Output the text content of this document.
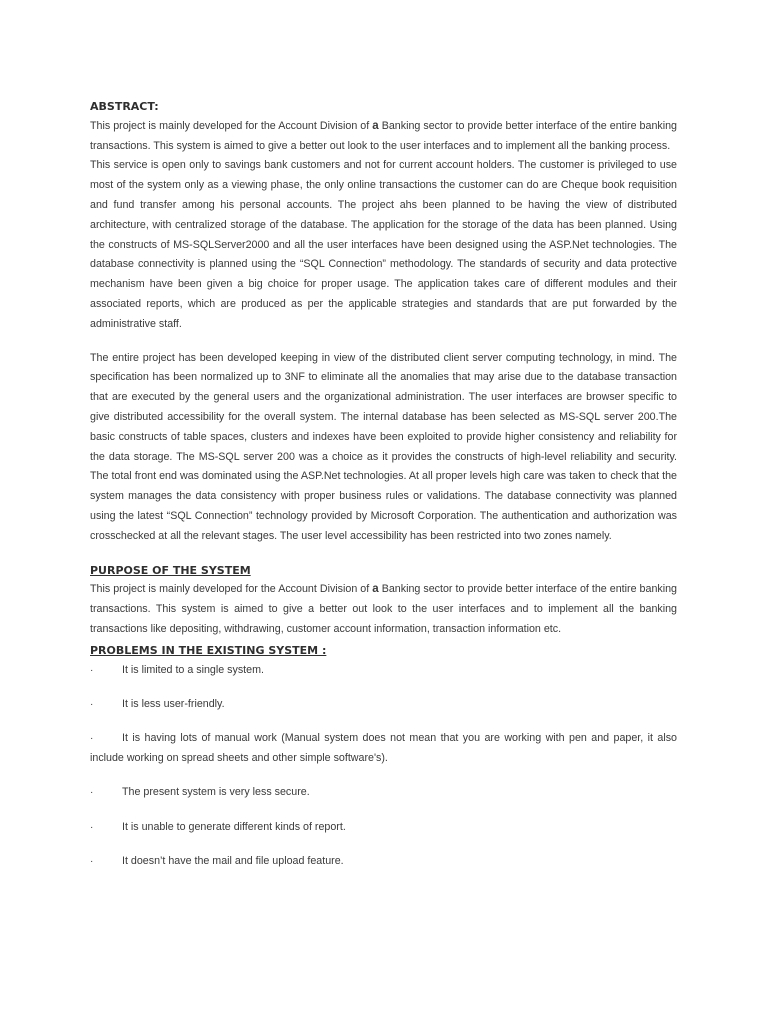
ABSTRACT:

This project is mainly developed for the Account Division of a Banking sector to provide better interface of the entire banking transactions. This system is aimed to give a better out look to the user interfaces and to implement all the banking process.

This service is open only to savings bank customers and not for current account holders. The customer is privileged to use most of the system only as a viewing phase, the only online transactions the customer can do are Cheque book requisition and fund transfer among his personal accounts. The project ahs been planned to be having the view of distributed architecture, with centralized storage of the database. The application for the storage of the data has been planned. Using the constructs of MS-SQLServer2000 and all the user interfaces have been designed using the ASP.Net technologies. The database connectivity is planned using the “SQL Connection” methodology. The standards of security and data protective mechanism have been given a big choice for proper usage. The application takes care of different modules and their associated reports, which are produced as per the applicable strategies and standards that are put forwarded by the administrative staff.

The entire project has been developed keeping in view of the distributed client server computing technology, in mind. The specification has been normalized up to 3NF to eliminate all the anomalies that may arise due to the database transaction that are executed by the general users and the organizational administration. The user interfaces are browser specific to give distributed accessibility for the overall system. The internal database has been selected as MS-SQL server 200.The basic constructs of table spaces, clusters and indexes have been exploited to provide higher consistency and reliability for the data storage. The MS-SQL server 200 was a choice as it provides the constructs of high-level reliability and security. The total front end was dominated using the ASP.Net technologies. At all proper levels high care was taken to check that the system manages the data consistency with proper business rules or validations. The database connectivity was planned using the latest “SQL Connection” technology provided by Microsoft Corporation. The authentication and authorization was crosschecked at all the relevant stages. The user level accessibility has been restricted into two zones namely.

PURPOSE OF THE SYSTEM

This project is mainly developed for the Account Division of a Banking sector to provide better interface of the entire banking transactions. This system is aimed to give a better out look to the user interfaces and to implement all the banking transactions like depositing, withdrawing, customer account information, transaction information etc.

PROBLEMS IN THE EXISTING SYSTEM :

·	It is limited to a single system.

·	It is less user-friendly.

·	It is having lots of manual work (Manual system does not mean that you are working with pen and paper, it also include working on spread sheets and other simple software's).

·	The present system is very less secure.

·	It is unable to generate different kinds of report.

·	It doesn’t have the mail and file upload feature.
